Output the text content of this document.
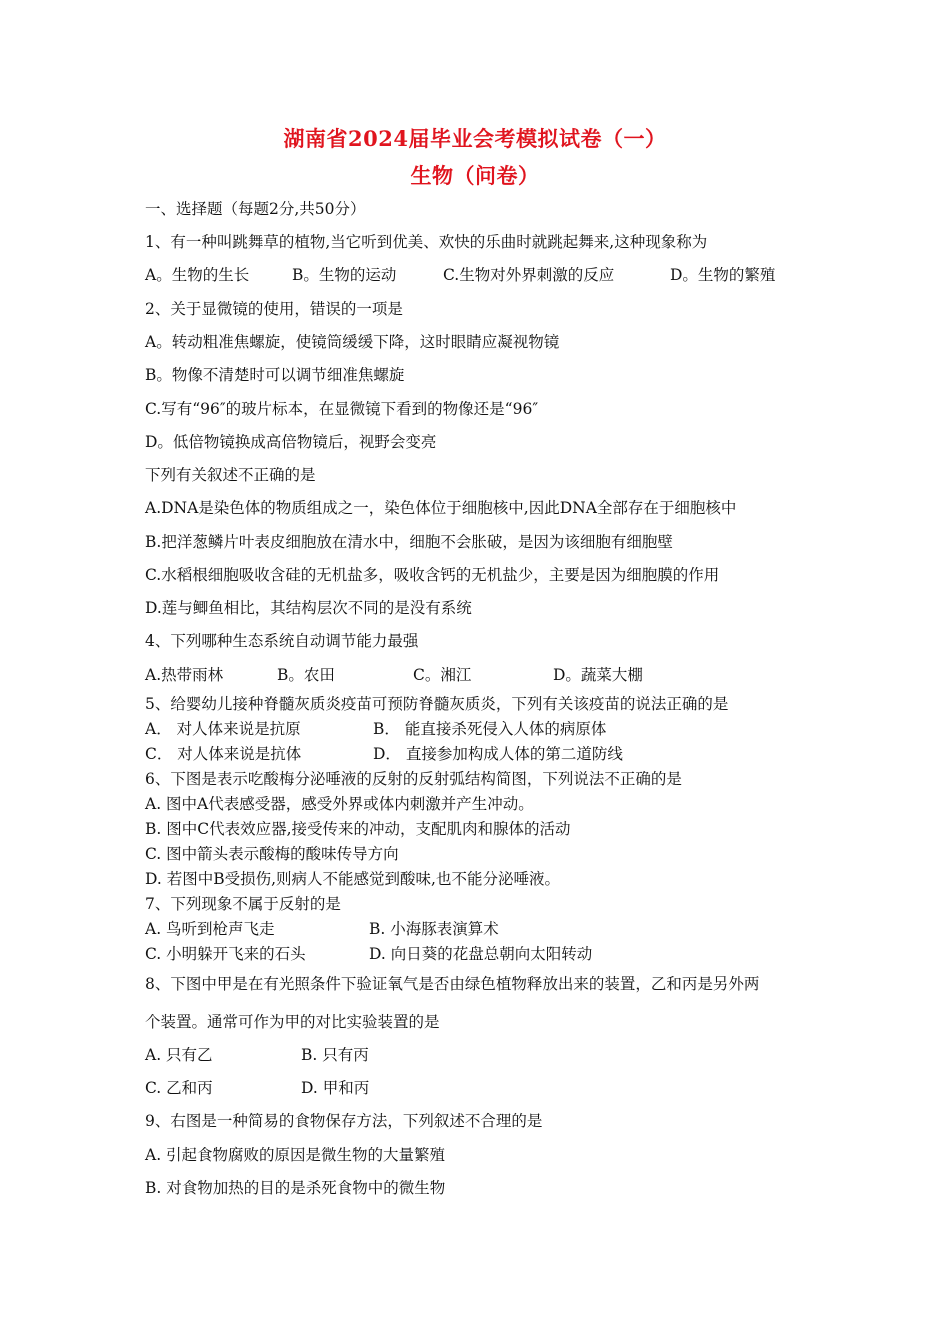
湖南省2024届毕业会考模拟试卷（一）
生物（问卷）
一、选择题（每题2分,共50分）
1、有一种叫跳舞草的植物,当它听到优美、欢快的乐曲时就跳起舞来,这种现象称为
A。生物的生长	B。生物的运动	C.生物对外界刺激的反应	D。生物的繁殖
2、关于显微镜的使用，错误的一项是
A。转动粗准焦螺旋，使镜筒缓缓下降，这时眼睛应凝视物镜
B。物像不清楚时可以调节细准焦螺旋
C.写有“96″的玻片标本，在显微镜下看到的物像还是“96″
D。低倍物镜换成高倍物镜后，视野会变亮
下列有关叙述不正确的是
A.DNA是染色体的物质组成之一，染色体位于细胞核中,因此DNA全部存在于细胞核中
B.把洋葱鳞片叶表皮细胞放在清水中，细胞不会胀破，是因为该细胞有细胞壁
C.水稻根细胞吸收含硅的无机盐多，吸收含钙的无机盐少，主要是因为细胞膜的作用
D.莲与鲫鱼相比，其结构层次不同的是没有系统
4、下列哪种生态系统自动调节能力最强
A.热带雨林	B。农田	C。湘江	D。蔬菜大棚
5、给婴幼儿接种脊髓灰质炎疫苗可预防脊髓灰质炎，下列有关该疫苗的说法正确的是
A． 对人体来说是抗原	B． 能直接杀死侵入人体的病原体
C． 对人体来说是抗体	D． 直接参加构成人体的第二道防线
6、下图是表示吃酸梅分泌唾液的反射的反射弧结构简图，下列说法不正确的是
A. 图中A代表感受器，感受外界或体内刺激并产生冲动。
B. 图中C代表效应器,接受传来的冲动，支配肌肉和腺体的活动
C. 图中箭头表示酸梅的酸味传导方向
D. 若图中B受损伤,则病人不能感觉到酸味,也不能分泌唾液。
7、下列现象不属于反射的是
A. 鸟听到枪声飞走	B. 小海豚表演算术
C. 小明躲开飞来的石头	D. 向日葵的花盘总朝向太阳转动
8、下图中甲是在有光照条件下验证氧气是否由绿色植物释放出来的装置，乙和丙是另外两
个装置。通常可作为甲的对比实验装置的是
A. 只有乙	B. 只有丙
C. 乙和丙	D. 甲和丙
9、右图是一种简易的食物保存方法，下列叙述不合理的是
A. 引起食物腐败的原因是微生物的大量繁殖
B. 对食物加热的目的是杀死食物中的微生物
